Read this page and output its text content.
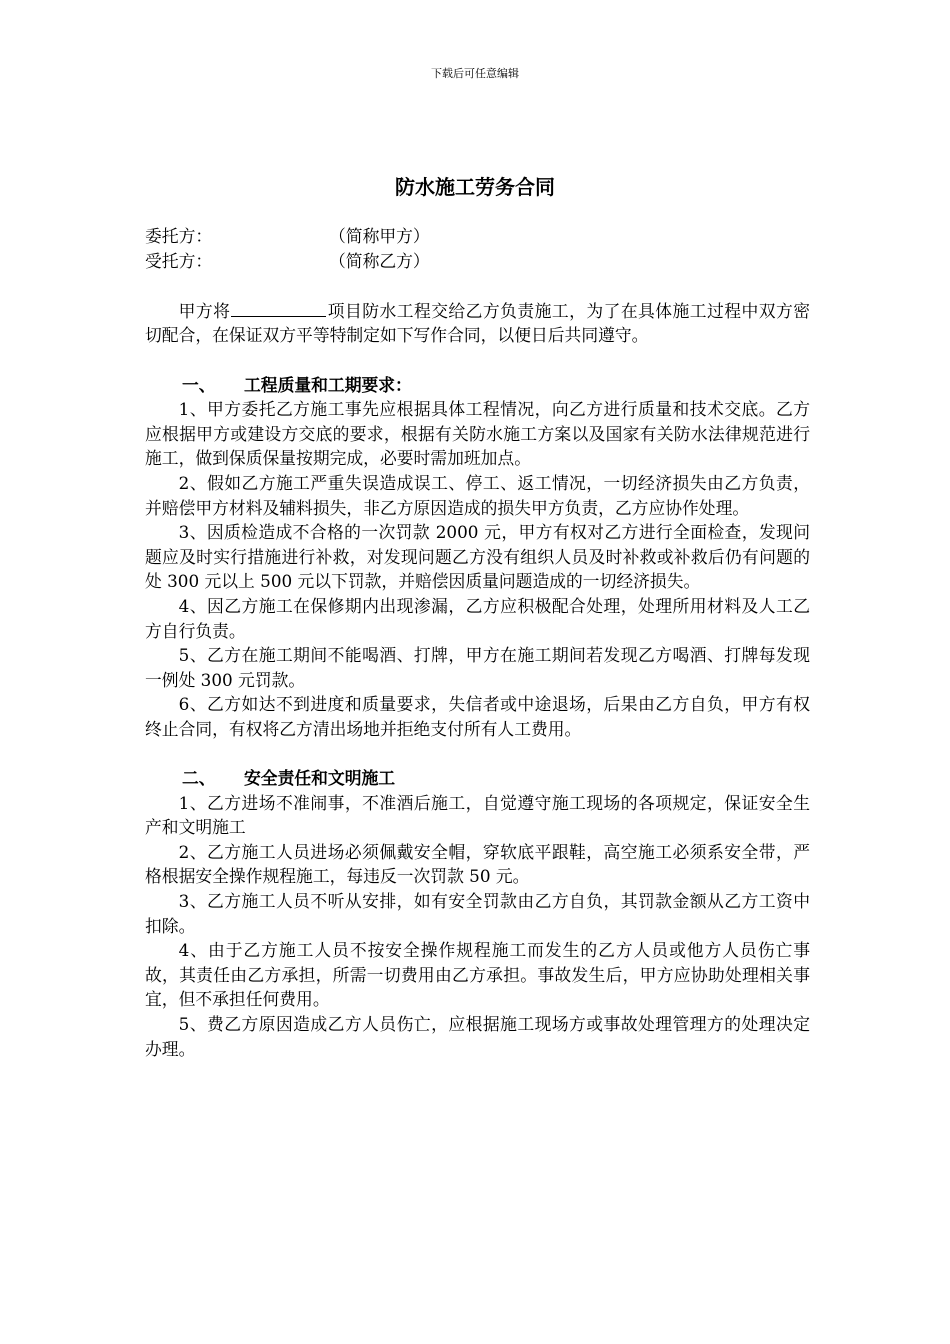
下载后可任意编辑
防水施工劳务合同
委托方：	（简称甲方）
受托方：	（简称乙方）

甲方将	项目防水工程交给乙方负责施工，为了在具体施工过程中双方密切配合，在保证双方平等特制定如下写作合同，以便日后共同遵守。

一、	工程质量和工期要求：

1、甲方委托乙方施工事先应根据具体工程情况，向乙方进行质量和技术交底。乙方应根据甲方或建设方交底的要求，根据有关防水施工方案以及国家有关防水法律规范进行施工，做到保质保量按期完成，必要时需加班加点。

2、假如乙方施工严重失误造成误工、停工、返工情况，一切经济损失由乙方负责，并赔偿甲方材料及辅料损失，非乙方原因造成的损失甲方负责，乙方应协作处理。

3、因质检造成不合格的一次罚款 2000 元，甲方有权对乙方进行全面检查，发现问题应及时实行措施进行补救，对发现问题乙方没有组织人员及时补救或补救后仍有问题的处 300 元以上 500 元以下罚款，并赔偿因质量问题造成的一切经济损失。

4、因乙方施工在保修期内出现渗漏，乙方应积极配合处理，处理所用材料及人工乙方自行负责。

5、乙方在施工期间不能喝酒、打牌，甲方在施工期间若发现乙方喝酒、打牌每发现一例处 300 元罚款。

6、乙方如达不到进度和质量要求，失信者或中途退场，后果由乙方自负，甲方有权终止合同，有权将乙方清出场地并拒绝支付所有人工费用。

二、	安全责任和文明施工

1、乙方进场不准闹事，不准酒后施工，自觉遵守施工现场的各项规定，保证安全生产和文明施工

2、乙方施工人员进场必须佩戴安全帽，穿软底平跟鞋，高空施工必须系安全带，严格根据安全操作规程施工，每违反一次罚款 50 元。

3、乙方施工人员不听从安排，如有安全罚款由乙方自负，其罚款金额从乙方工资中扣除。

4、由于乙方施工人员不按安全操作规程施工而发生的乙方人员或他方人员伤亡事故，其责任由乙方承担，所需一切费用由乙方承担。事故发生后，甲方应协助处理相关事宜，但不承担任何费用。

5、费乙方原因造成乙方人员伤亡，应根据施工现场方或事故处理管理方的处理决定办理。
